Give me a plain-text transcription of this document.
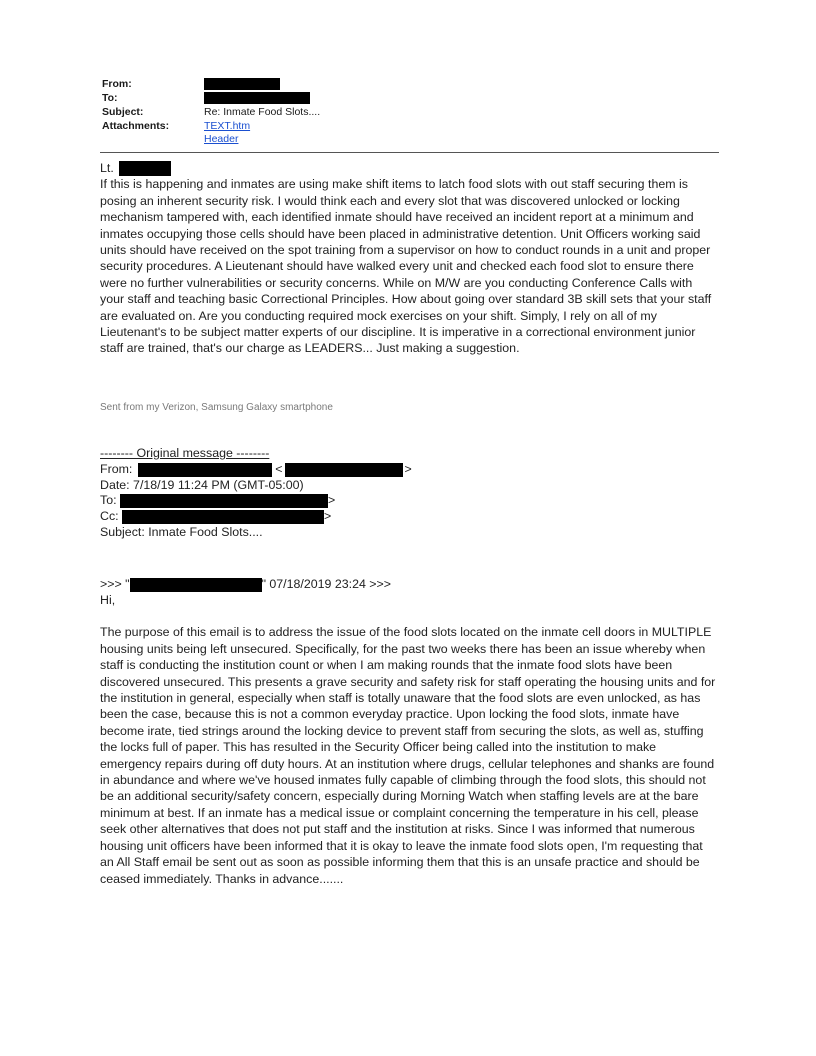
From:
To:
Subject:	Re: Inmate Food Slots....
Attachments:	TEXT.htm
Header
Lt.

If this is happening and inmates are using make shift items to latch food slots with out staff securing them is posing an inherent security risk. I would think each and every slot that was discovered unlocked or locking mechanism tampered with, each identified inmate should have received an incident report at a minimum and inmates occupying those cells should have been placed in administrative detention. Unit Officers working said units should have received on the spot training from a supervisor on how to conduct rounds in a unit and proper security procedures. A Lieutenant should have walked every unit and checked each food slot to ensure there were no further vulnerabilities or security concerns. While on M/W are you conducting Conference Calls with your staff and teaching basic Correctional Principles. How about going over standard 3B skill sets that your staff are evaluated on. Are you conducting required mock exercises on your shift. Simply, I rely on all of my Lieutenant's to be subject matter experts of our discipline. It is imperative in a correctional environment junior staff are trained, that's our charge as LEADERS... Just making a suggestion.

Sent from my Verizon, Samsung Galaxy smartphone
-------- Original message --------
From:	<	>
Date: 7/18/19 11:24 PM (GMT-05:00)
To:	>
Cc:	>
Subject: Inmate Food Slots....
>>> "	" 07/18/2019 23:24 >>>
Hi,

The purpose of this email is to address the issue of the food slots located on the inmate cell doors in MULTIPLE housing units being left unsecured. Specifically, for the past two weeks there has been an issue whereby when staff is conducting the institution count or when I am making rounds that the inmate food slots have been discovered unsecured. This presents a grave security and safety risk for staff operating the housing units and for the institution in general, especially when staff is totally unaware that the food slots are even unlocked, as has been the case, because this is not a common everyday practice. Upon locking the food slots, inmate have become irate, tied strings around the locking device to prevent staff from securing the slots, as well as, stuffing the locks full of paper. This has resulted in the Security Officer being called into the institution to make emergency repairs during off duty hours. At an institution where drugs, cellular telephones and shanks are found in abundance and where we've housed inmates fully capable of climbing through the food slots, this should not be an additional security/safety concern, especially during Morning Watch when staffing levels are at the bare minimum at best. If an inmate has a medical issue or complaint concerning the temperature in his cell, please seek other alternatives that does not put staff and the institution at risks. Since I was informed that numerous housing unit officers have been informed that it is okay to leave the inmate food slots open, I'm requesting that an All Staff email be sent out as soon as possible informing them that this is an unsafe practice and should be ceased immediately. Thanks in advance.......
